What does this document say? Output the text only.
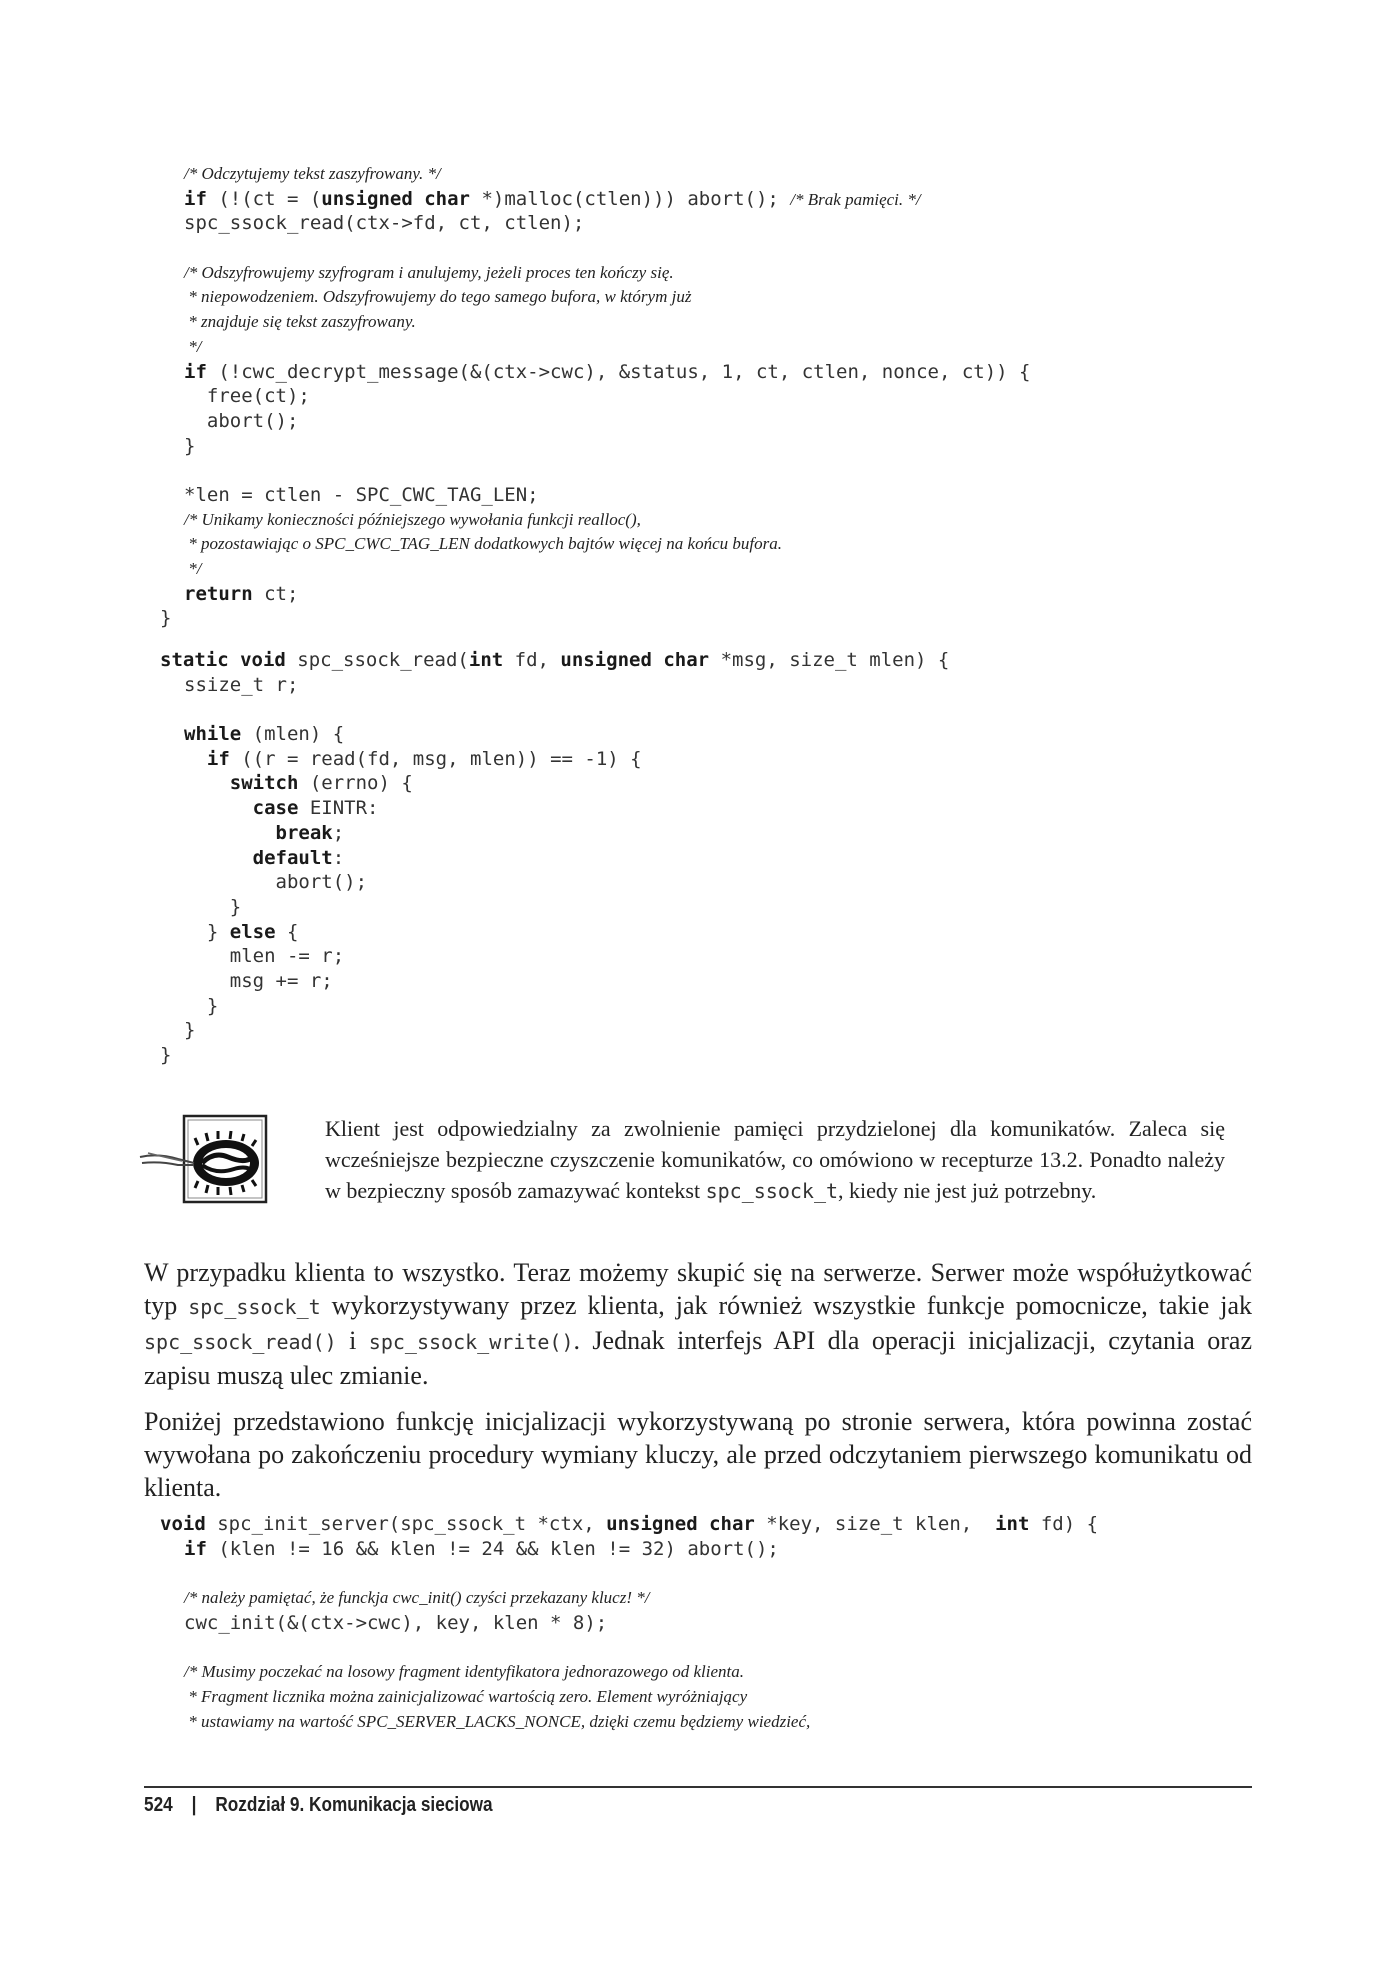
/* Odczytujemy tekst zaszyfrowany. */
if (!(ct = (unsigned char *)malloc(ctlen))) abort(); /* Brak pamięci. */
spc_ssock_read(ctx->fd, ct, ctlen);

/* Odszyfrowujemy szyfrogram i anulujemy, jeżeli proces ten kończy się.
* niepowodzeniem. Odszyfrowujemy do tego samego bufora, w którym już
* znajduje się tekst zaszyfrowany.
*/
if (!cwc_decrypt_message(&(ctx->cwc), &status, 1, ct, ctlen, nonce, ct)) {
free(ct);
abort();
}

*len = ctlen - SPC_CWC_TAG_LEN;
/* Unikamy konieczności późniejszego wywołania funkcji realloc(),
* pozostawiając o SPC_CWC_TAG_LEN dodatkowych bajtów więcej na końcu bufora.
*/
return ct;
}
static void spc_ssock_read(int fd, unsigned char *msg, size_t mlen) {
ssize_t r;

while (mlen) {
if ((r = read(fd, msg, mlen)) == -1) {
switch (errno) {
case EINTR:
break;
default:
abort();
}
} else {
mlen -= r;
msg += r;
}
}
}
Klient jest odpowiedzialny za zwolnienie pamięci przydzielonej dla komunikatów. Zaleca się wcześniejsze bezpieczne czyszczenie komunikatów, co omówiono w recepturze 13.2. Ponadto należy w bezpieczny sposób zamazywać kontekst spc_ssock_t, kiedy nie jest już potrzebny.
W przypadku klienta to wszystko. Teraz możemy skupić się na serwerze. Serwer może współużytkować typ spc_ssock_t wykorzystywany przez klienta, jak również wszystkie funkcje pomocnicze, takie jak spc_ssock_read() i spc_ssock_write(). Jednak interfejs API dla operacji inicjalizacji, czytania oraz zapisu muszą ulec zmianie.
Poniżej przedstawiono funkcję inicjalizacji wykorzystywaną po stronie serwera, która powinna zostać wywołana po zakończeniu procedury wymiany kluczy, ale przed odczytaniem pierwszego komunikatu od klienta.
void spc_init_server(spc_ssock_t *ctx, unsigned char *key, size_t klen,  int fd) {
if (klen != 16 && klen != 24 && klen != 32) abort();

/* należy pamiętać, że funckja cwc_init() czyści przekazany klucz! */
cwc_init(&(ctx->cwc), key, klen * 8);

/* Musimy poczekać na losowy fragment identyfikatora jednorazowego od klienta.
* Fragment licznika można zainicjalizować wartością zero. Element wyróżniający
* ustawiamy na wartość SPC_SERVER_LACKS_NONCE, dzięki czemu będziemy wiedzieć,
524 | Rozdział 9. Komunikacja sieciowa
